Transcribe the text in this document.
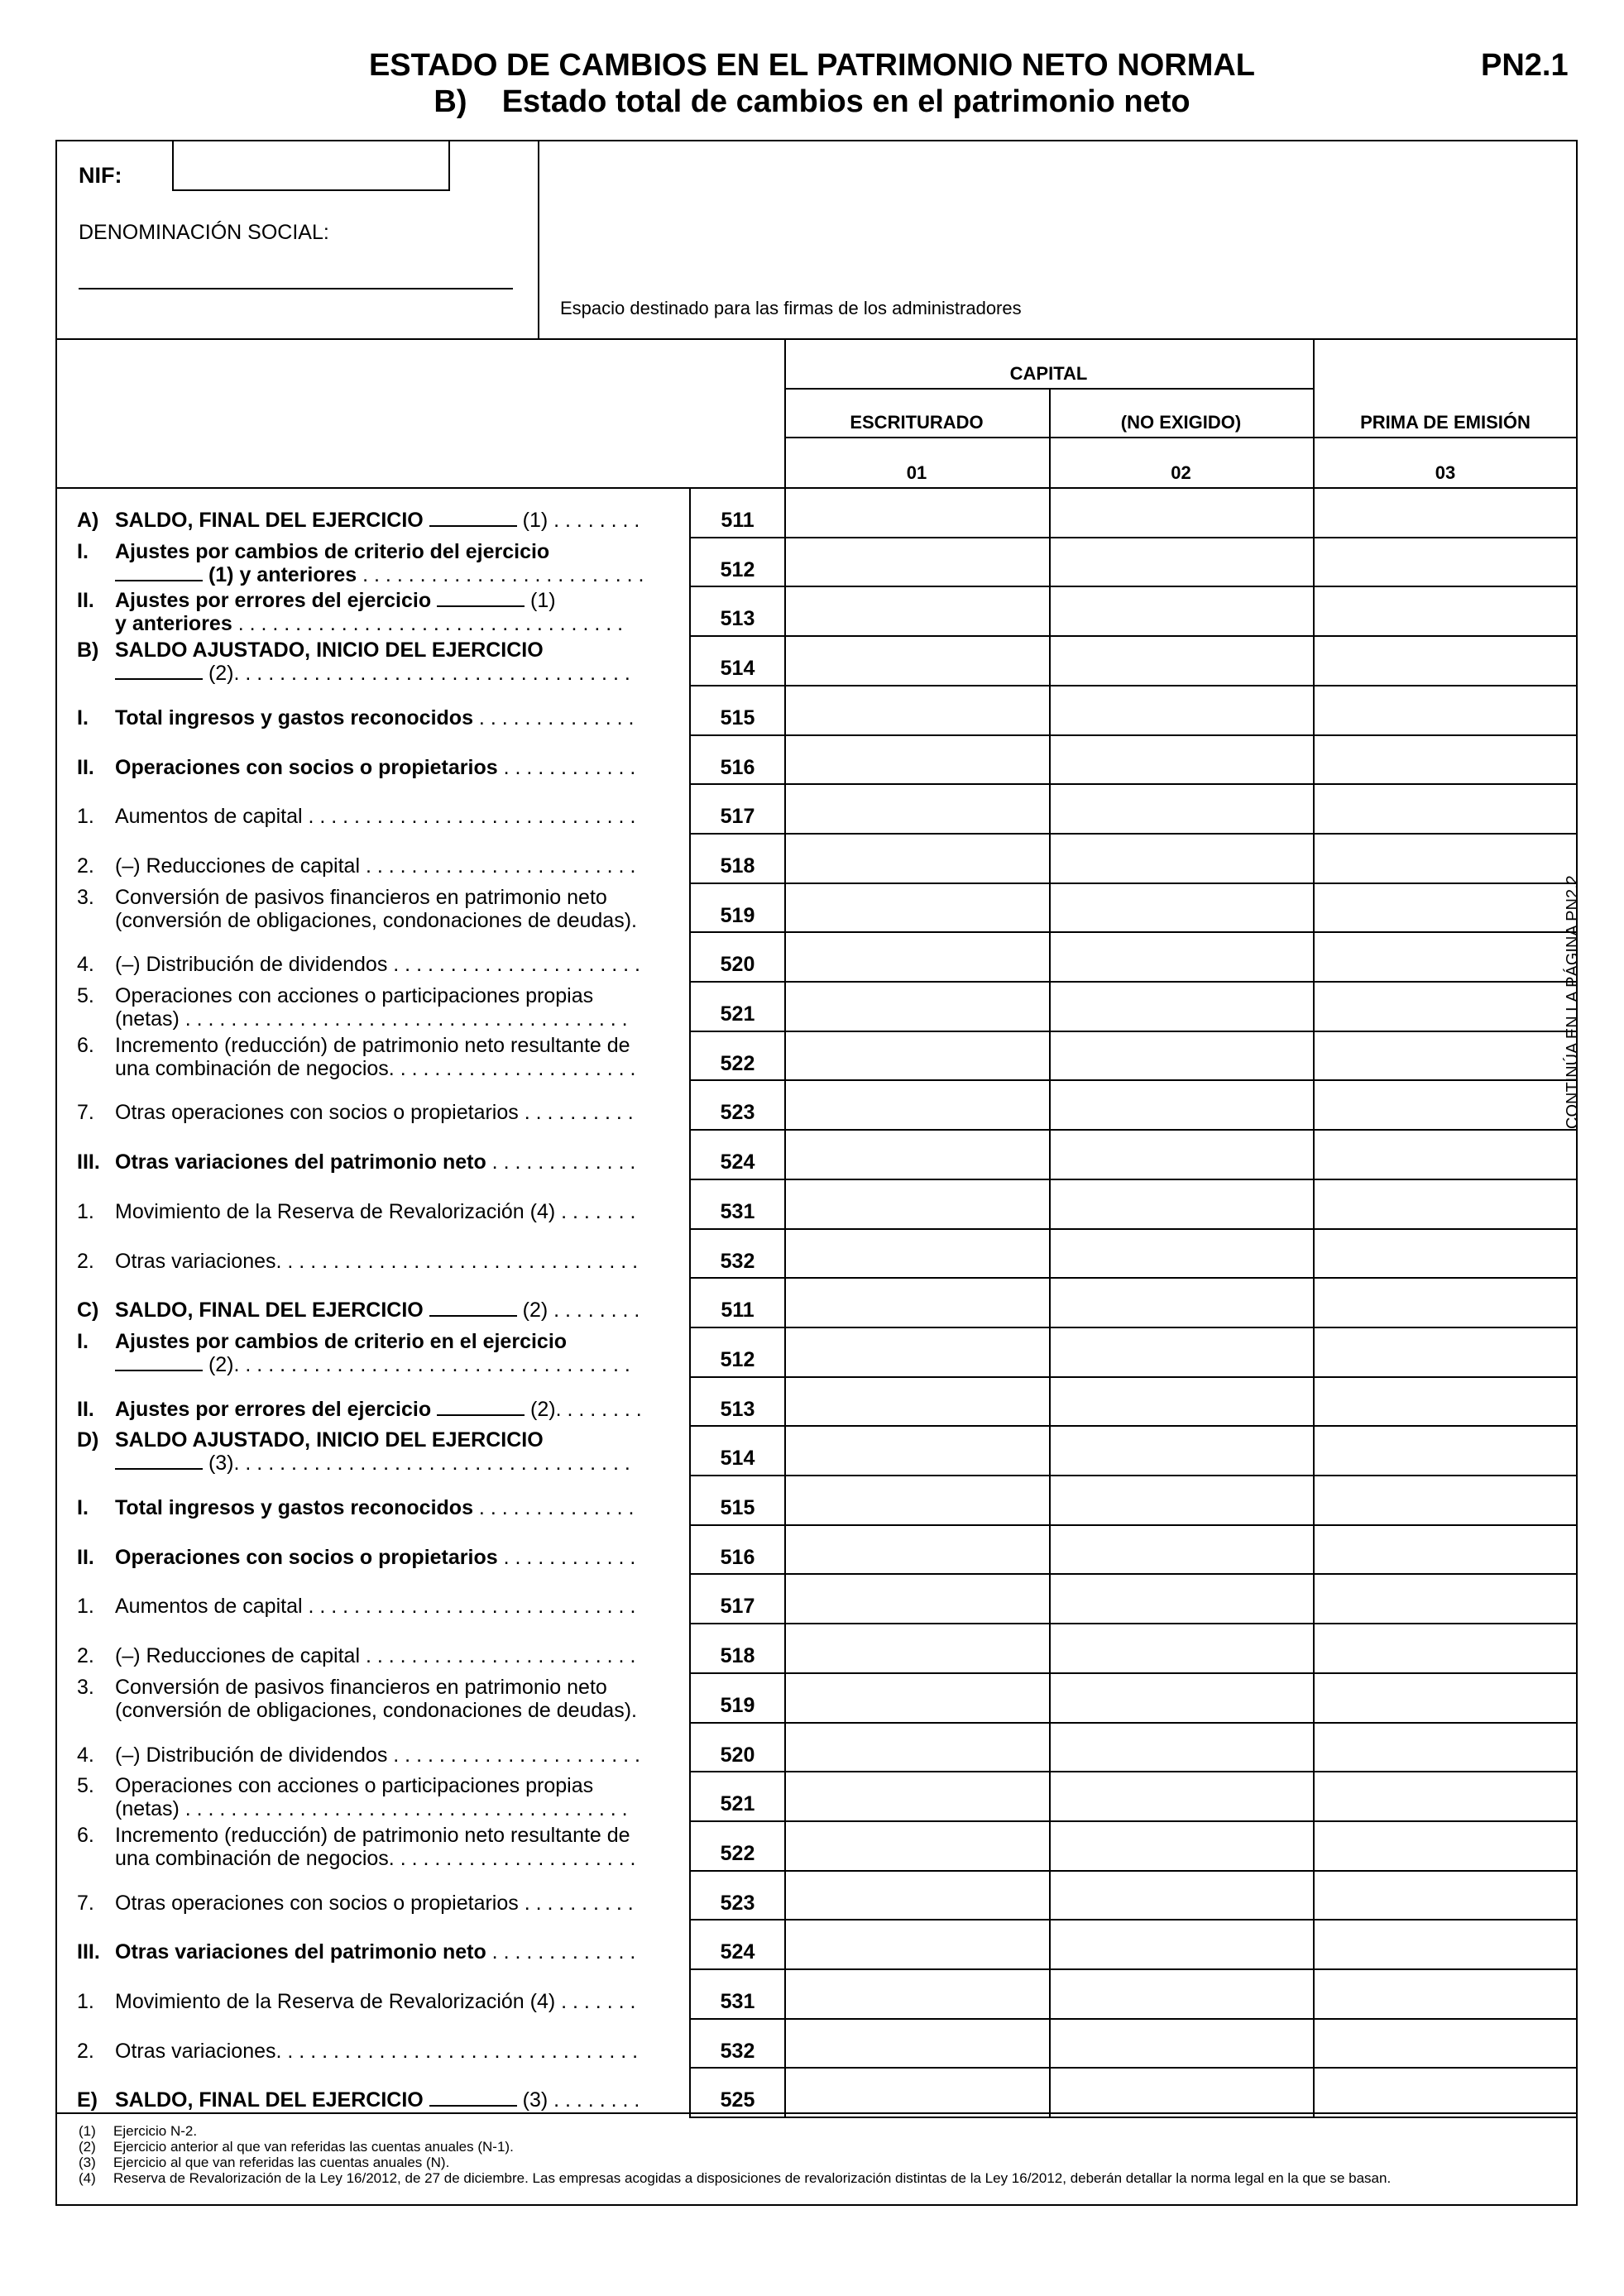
ESTADO DE CAMBIOS EN EL PATRIMONIO NETO NORMAL
B)    Estado total de cambios en el patrimonio neto
PN2.1
NIF:
DENOMINACIÓN SOCIAL:
Espacio destinado para las firmas de los administradores
CAPITAL
ESCRITURADO	(NO EXIGIDO)	PRIMA DE EMISIÓN
01	02	03
A) SALDO, FINAL DEL EJERCICIO	(1) . . . . . . . .	511
I. Ajustes por cambios de criterio del ejercicio
(1) y anteriores . . . . . . . . . . . . . . . . . . . . . . . . .	512
II. Ajustes por errores del ejercicio	(1)
y anteriores . . . . . . . . . . . . . . . . . . . . . . . . . . . . . . . . . .	513
B) SALDO AJUSTADO, INICIO DEL EJERCICIO
(2). . . . . . . . . . . . . . . . . . . . . . . . . . . . . . . . . . .	514
I. Total ingresos y gastos reconocidos . . . . . . . . . . . . . .	515
II. Operaciones con socios o propietarios . . . . . . . . . . . .	516
1. Aumentos de capital . . . . . . . . . . . . . . . . . . . . . . . . . . . . .	517
2. (–) Reducciones de capital . . . . . . . . . . . . . . . . . . . . . . . .	518
3. Conversión de pasivos financieros en patrimonio neto
(conversión de obligaciones, condonaciones de deudas).	519
4. (–) Distribución de dividendos . . . . . . . . . . . . . . . . . . . . . .	520
5. Operaciones con acciones o participaciones propias
(netas) . . . . . . . . . . . . . . . . . . . . . . . . . . . . . . . . . . . . . . .	521
6. Incremento (reducción) de patrimonio neto resultante de
una combinación de negocios. . . . . . . . . . . . . . . . . . . . . .	522
7. Otras operaciones con socios o propietarios . . . . . . . . . .	523
III. Otras variaciones del patrimonio neto . . . . . . . . . . . . .	524
1. Movimiento de la Reserva de Revalorización (4) . . . . . . .	531
2. Otras variaciones. . . . . . . . . . . . . . . . . . . . . . . . . . . . . . . .	532
C) SALDO, FINAL DEL EJERCICIO	(2) . . . . . . . .	511
I. Ajustes por cambios de criterio en el ejercicio
(2). . . . . . . . . . . . . . . . . . . . . . . . . . . . . . . . . . .	512
II. Ajustes por errores del ejercicio	(2). . . . . . . .	513
D) SALDO AJUSTADO, INICIO DEL EJERCICIO
(3). . . . . . . . . . . . . . . . . . . . . . . . . . . . . . . . . . .	514
I. Total ingresos y gastos reconocidos . . . . . . . . . . . . . .	515
II. Operaciones con socios o propietarios . . . . . . . . . . . .	516
1. Aumentos de capital . . . . . . . . . . . . . . . . . . . . . . . . . . . . .	517
2. (–) Reducciones de capital . . . . . . . . . . . . . . . . . . . . . . . .	518
3. Conversión de pasivos financieros en patrimonio neto
(conversión de obligaciones, condonaciones de deudas).	519
4. (–) Distribución de dividendos . . . . . . . . . . . . . . . . . . . . . .	520
5. Operaciones con acciones o participaciones propias
(netas) . . . . . . . . . . . . . . . . . . . . . . . . . . . . . . . . . . . . . . .	521
6. Incremento (reducción) de patrimonio neto resultante de
una combinación de negocios. . . . . . . . . . . . . . . . . . . . . .	522
7. Otras operaciones con socios o propietarios . . . . . . . . . .	523
III. Otras variaciones del patrimonio neto . . . . . . . . . . . . .	524
1. Movimiento de la Reserva de Revalorización (4) . . . . . . .	531
2. Otras variaciones. . . . . . . . . . . . . . . . . . . . . . . . . . . . . . . .	532
E) SALDO, FINAL DEL EJERCICIO	(3) . . . . . . . .	525
CONTINÚA EN LA PÁGINA PN2.2
(1) Ejercicio N-2.
(2) Ejercicio anterior al que van referidas las cuentas anuales (N-1).
(3) Ejercicio al que van referidas las cuentas anuales (N).
(4) Reserva de Revalorización de la Ley 16/2012, de 27 de diciembre. Las empresas acogidas a disposiciones de revalorización distintas de la Ley 16/2012, deberán detallar la norma legal en la que se basan.
